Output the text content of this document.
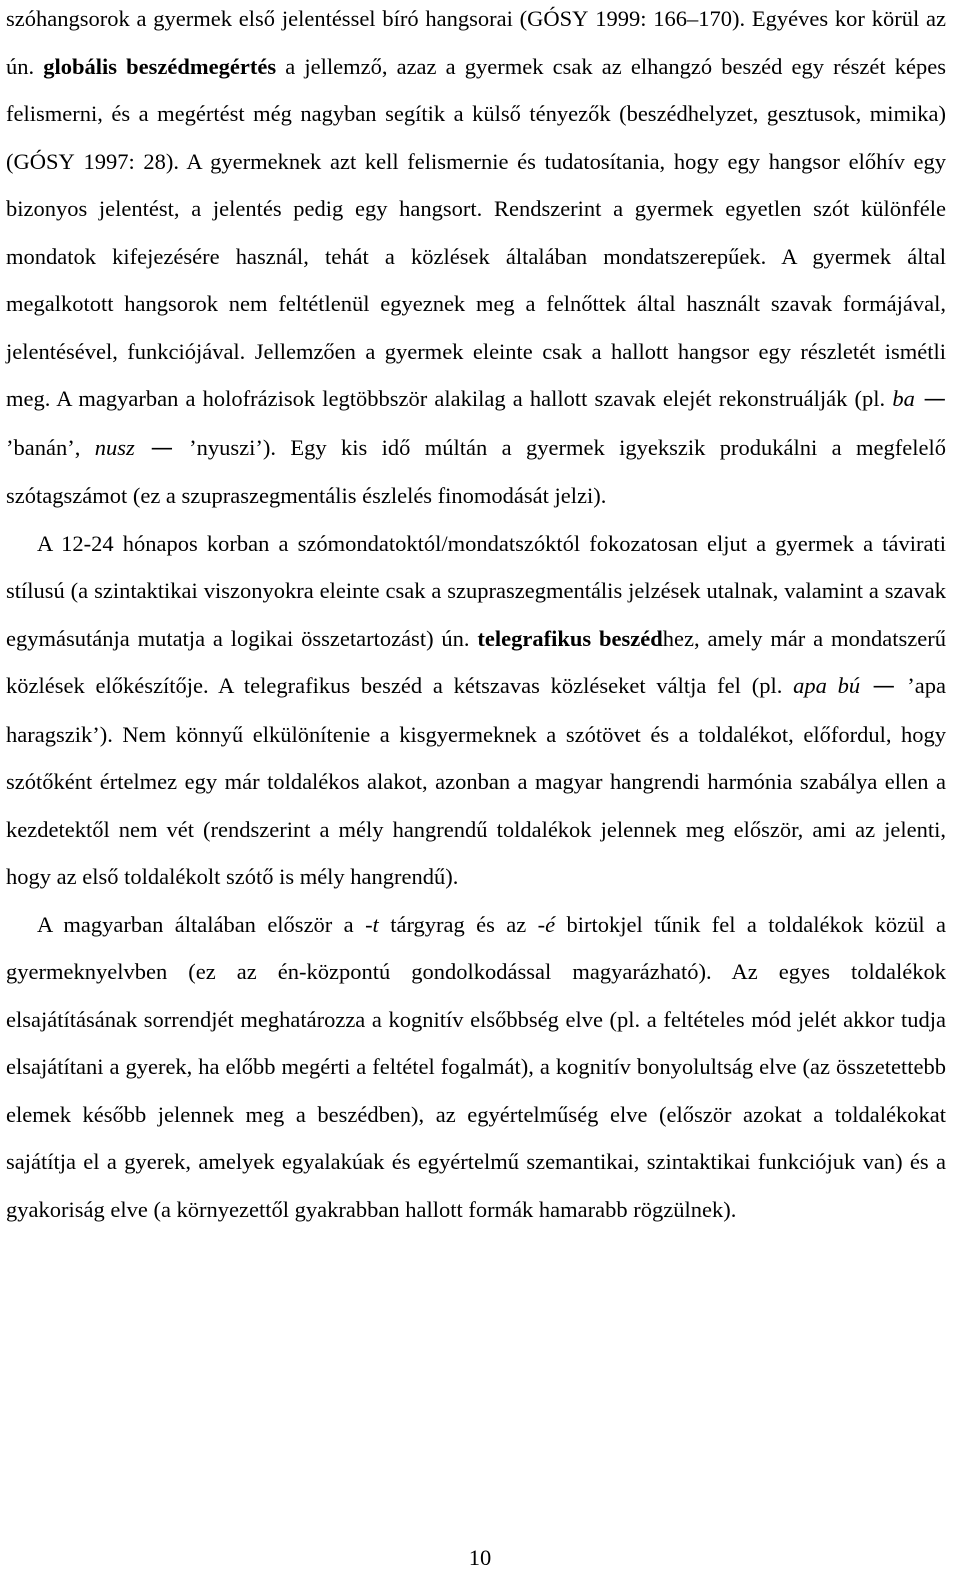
szóhangsorok a gyermek első jelentéssel bíró hangsorai (GÓSY 1999: 166–170). Egyéves kor körül az ún. globális beszédmegértés a jellemző, azaz a gyermek csak az elhangzó beszéd egy részét képes felismerni, és a megértést még nagyban segítik a külső tényezők (beszédhelyzet, gesztusok, mimika) (GÓSY 1997: 28). A gyermeknek azt kell felismernie és tudatosítania, hogy egy hangsor előhív egy bizonyos jelentést, a jelentés pedig egy hangsort. Rendszerint a gyermek egyetlen szót különféle mondatok kifejezésére használ, tehát a közlések általában mondatszerepűek. A gyermek által megalkotott hangsorok nem feltétlenül egyeznek meg a felnőttek által használt szavak formájával, jelentésével, funkciójával. Jellemzően a gyermek eleinte csak a hallott hangsor egy részletét ismétli meg. A magyarban a holofrázisok legtöbbször alakilag a hallott szavak elejét rekonstruálják (pl. ba — ’banán’, nusz — ’nyuszi’). Egy kis idő múltán a gyermek igyekszik produkálni a megfelelő szótagszámot (ez a szupraszegmentális észlelés finomodását jelzi).

A 12-24 hónapos korban a szómondatoktól/mondatszóktól fokozatosan eljut a gyermek a távirati stílusú (a szintaktikai viszonyokra eleinte csak a szupraszegmentális jelzések utalnak, valamint a szavak egymásutánja mutatja a logikai összetartozást) ún. telegrafikus beszédhez, amely már a mondatszerű közlések előkészítője. A telegrafikus beszéd a kétszavas közléseket váltja fel (pl. apa bú — ’apa haragszik’). Nem könnyű elkülönítenie a kisgyermeknek a szótövet és a toldalékot, előfordul, hogy szótőként értelmez egy már toldalékos alakot, azonban a magyar hangrendi harmónia szabálya ellen a kezdetektől nem vét (rendszerint a mély hangrendű toldalékok jelennek meg először, ami az jelenti, hogy az első toldalékolt szótő is mély hangrendű).

A magyarban általában először a -t tárgyrag és az -é birtokjel tűnik fel a toldalékok közül a gyermeknyelvben (ez az én-központú gondolkodással magyarázható). Az egyes toldalékok elsajátításának sorrendjét meghatározza a kognitív elsőbbség elve (pl. a feltételes mód jelét akkor tudja elsajátítani a gyerek, ha előbb megérti a feltétel fogalmát), a kognitív bonyolultság elve (az összetettebb elemek később jelennek meg a beszédben), az egyértelműség elve (először azokat a toldalékokat sajátítja el a gyerek, amelyek egyalakúak és egyértelmű szemantikai, szintaktikai funkciójuk van) és a gyakoriság elve (a környezettől gyakrabban hallott formák hamarabb rögzülnek).

10
